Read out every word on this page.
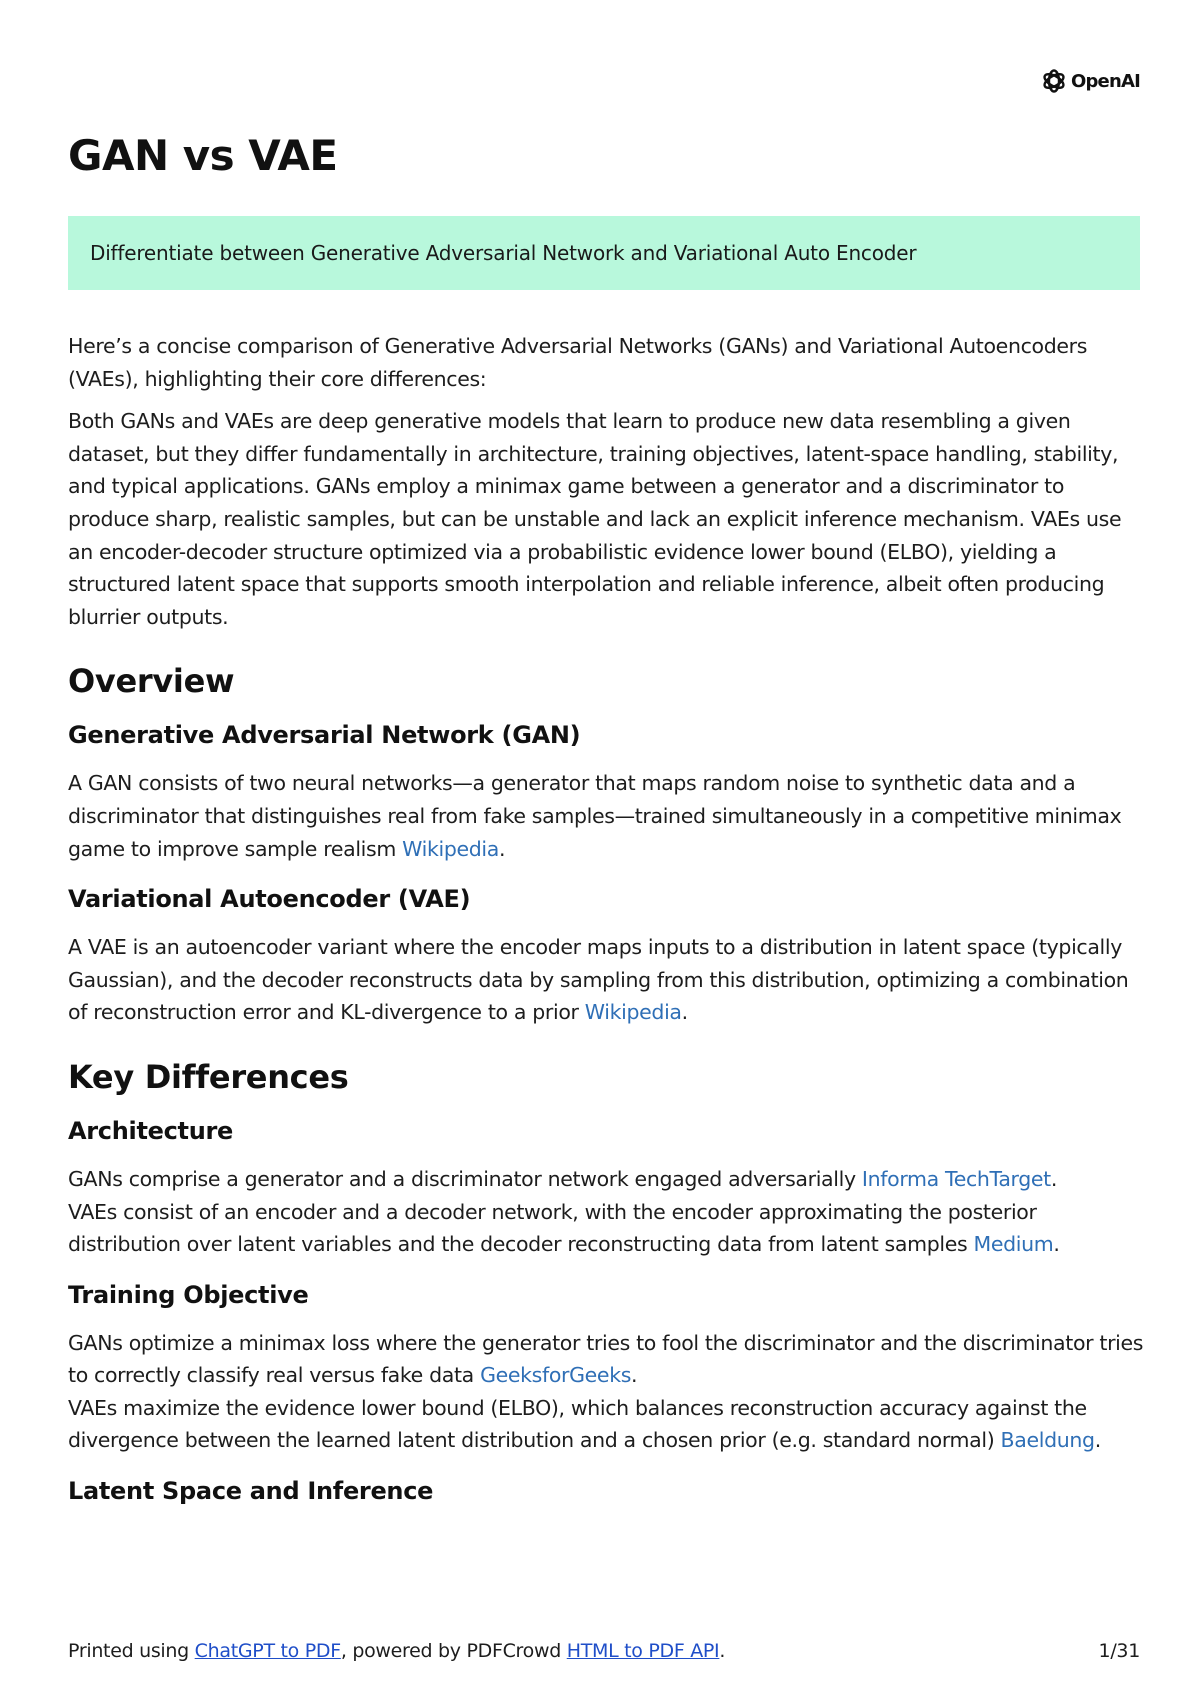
OpenAI
GAN vs VAE
Differentiate between Generative Adversarial Network and Variational Auto Encoder

Here’s a concise comparison of Generative Adversarial Networks (GANs) and Variational Autoencoders (VAEs), highlighting their core differences:

Both GANs and VAEs are deep generative models that learn to produce new data resembling a given dataset, but they differ fundamentally in architecture, training objectives, latent-space handling, stability, and typical applications. GANs employ a minimax game between a generator and a discriminator to produce sharp, realistic samples, but can be unstable and lack an explicit inference mechanism. VAEs use an encoder-decoder structure optimized via a probabilistic evidence lower bound (ELBO), yielding a structured latent space that supports smooth interpolation and reliable inference, albeit often producing blurrier outputs.

Overview
Generative Adversarial Network (GAN)

A GAN consists of two neural networks—a generator that maps random noise to synthetic data and a discriminator that distinguishes real from fake samples—trained simultaneously in a competitive minimax game to improve sample realism Wikipedia.

Variational Autoencoder (VAE)

A VAE is an autoencoder variant where the encoder maps inputs to a distribution in latent space (typically Gaussian), and the decoder reconstructs data by sampling from this distribution, optimizing a combination of reconstruction error and KL-divergence to a prior Wikipedia.

Key Differences
Architecture

GANs comprise a generator and a discriminator network engaged adversarially Informa TechTarget.
VAEs consist of an encoder and a decoder network, with the encoder approximating the posterior distribution over latent variables and the decoder reconstructing data from latent samples Medium.

Training Objective

GANs optimize a minimax loss where the generator tries to fool the discriminator and the discriminator tries to correctly classify real versus fake data GeeksforGeeks.
VAEs maximize the evidence lower bound (ELBO), which balances reconstruction accuracy against the divergence between the learned latent distribution and a chosen prior (e.g. standard normal) Baeldung.

Latent Space and Inference
Printed using ChatGPT to PDF, powered by PDFCrowd HTML to PDF API.	1/31
